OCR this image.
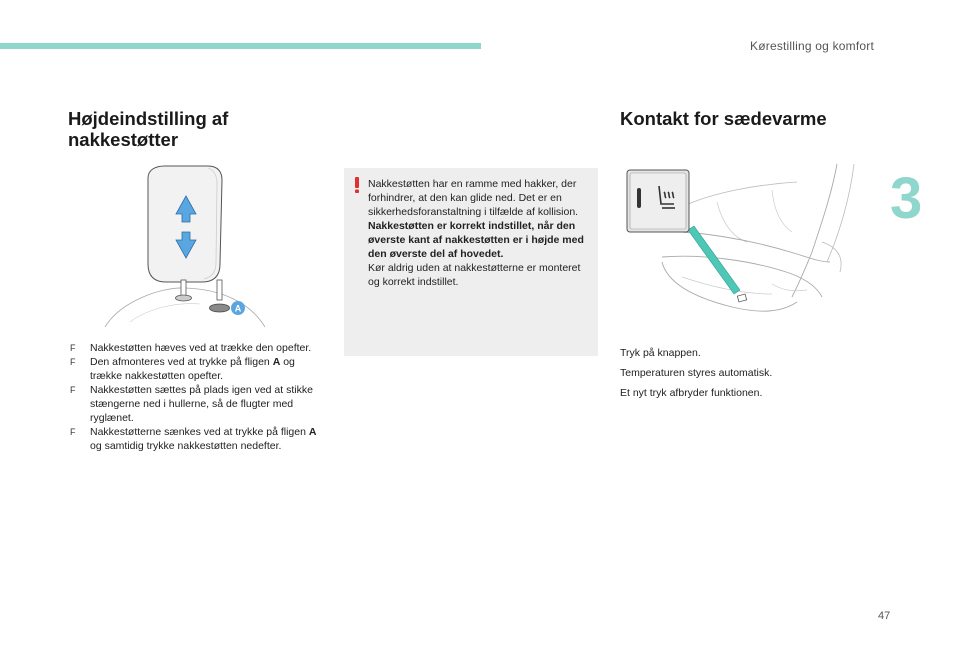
Kørestilling og komfort
3
Højdeindstilling af
nakkestøtter
Kontakt for sædevarme
A

Nakkestøtten har en ramme med hakker, der forhindrer, at den kan glide ned. Det er en sikkerhedsforanstaltning i tilfælde af kollision.

Nakkestøtten er korrekt indstillet, når den øverste kant af nakkestøtten er i højde med den øverste del af hovedet.

Kør aldrig uden at nakkestøtterne er monteret og korrekt indstillet.

F Nakkestøtten hæves ved at trække den opefter.
F Den afmonteres ved at trykke på fligen A og trække nakkestøtten opefter.
F Nakkestøtten sættes på plads igen ved at stikke stængerne ned i hullerne, så de flugter med ryglænet.
F Nakkestøtterne sænkes ved at trykke på fligen A og samtidig trykke nakkestøtten nedefter.

Tryk på knappen.

Temperaturen styres automatisk.

Et nyt tryk afbryder funktionen.

47
